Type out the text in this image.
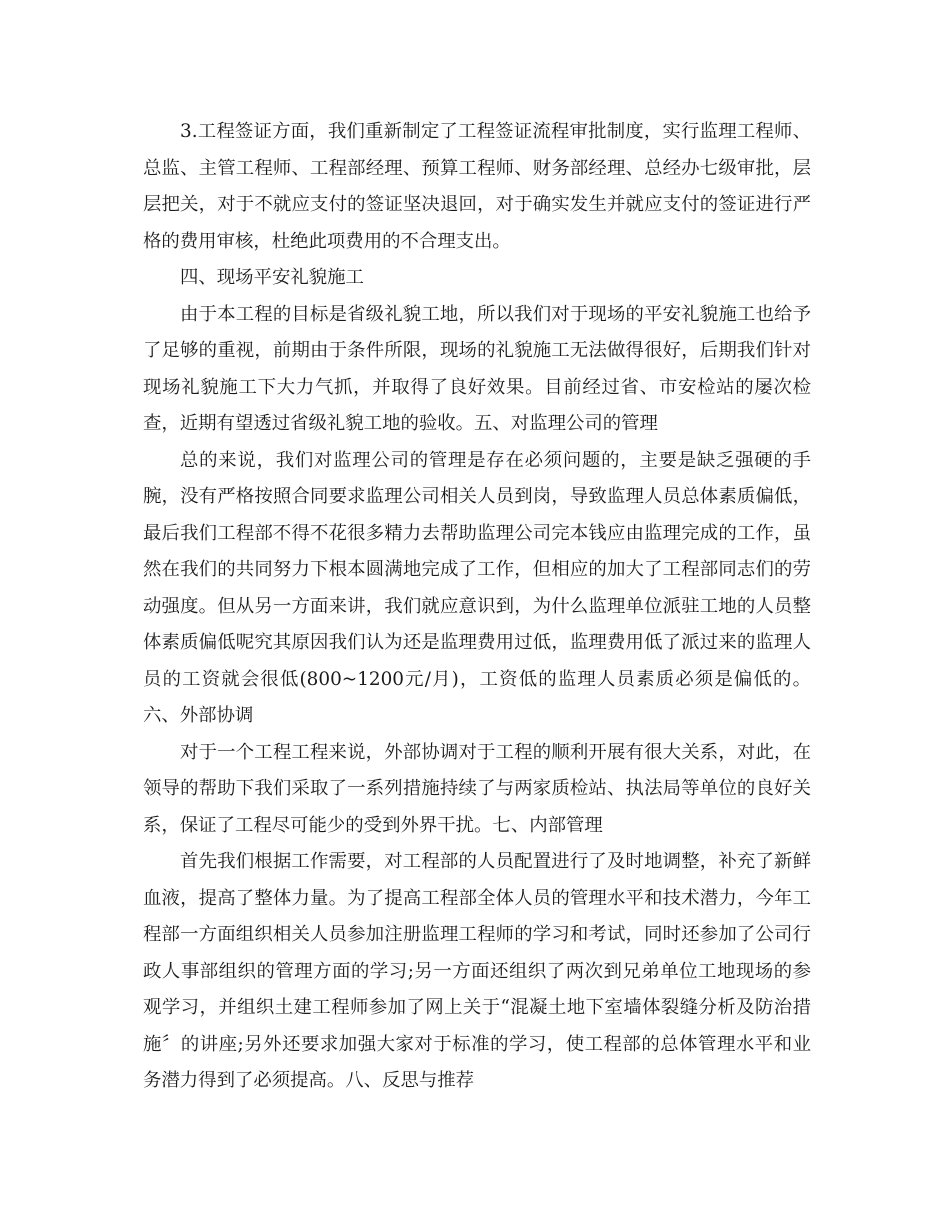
3.工程签证方面，我们重新制定了工程签证流程审批制度，实行监理工程师、总监、主管工程师、工程部经理、预算工程师、财务部经理、总经办七级审批，层层把关，对于不就应支付的签证坚决退回，对于确实发生并就应支付的签证进行严格的费用审核，杜绝此项费用的不合理支出。

四、现场平安礼貌施工

由于本工程的目标是省级礼貌工地，所以我们对于现场的平安礼貌施工也给予了足够的重视，前期由于条件所限，现场的礼貌施工无法做得很好，后期我们针对现场礼貌施工下大力气抓，并取得了良好效果。目前经过省、市安检站的屡次检查，近期有望透过省级礼貌工地的验收。五、对监理公司的管理

总的来说，我们对监理公司的管理是存在必须问题的，主要是缺乏强硬的手腕，没有严格按照合同要求监理公司相关人员到岗，导致监理人员总体素质偏低，最后我们工程部不得不花很多精力去帮助监理公司完本钱应由监理完成的工作，虽然在我们的共同努力下根本圆满地完成了工作，但相应的加大了工程部同志们的劳动强度。但从另一方面来讲，我们就应意识到，为什么监理单位派驻工地的人员整体素质偏低呢究其原因我们认为还是监理费用过低，监理费用低了派过来的监理人员的工资就会很低(800~1200元/月)，工资低的监理人员素质必须是偏低的。六、外部协调

对于一个工程工程来说，外部协调对于工程的顺利开展有很大关系，对此，在领导的帮助下我们采取了一系列措施持续了与两家质检站、执法局等单位的良好关系，保证了工程尽可能少的受到外界干扰。七、内部管理

首先我们根据工作需要，对工程部的人员配置进行了及时地调整，补充了新鲜血液，提高了整体力量。为了提高工程部全体人员的管理水平和技术潜力，今年工程部一方面组织相关人员参加注册监理工程师的学习和考试，同时还参加了公司行政人事部组织的管理方面的学习;另一方面还组织了两次到兄弟单位工地现场的参观学习，并组织土建工程师参加了网上关于“混凝土地下室墙体裂缝分析及防治措施〞的讲座;另外还要求加强大家对于标准的学习，使工程部的总体管理水平和业务潜力得到了必须提高。八、反思与推荐
